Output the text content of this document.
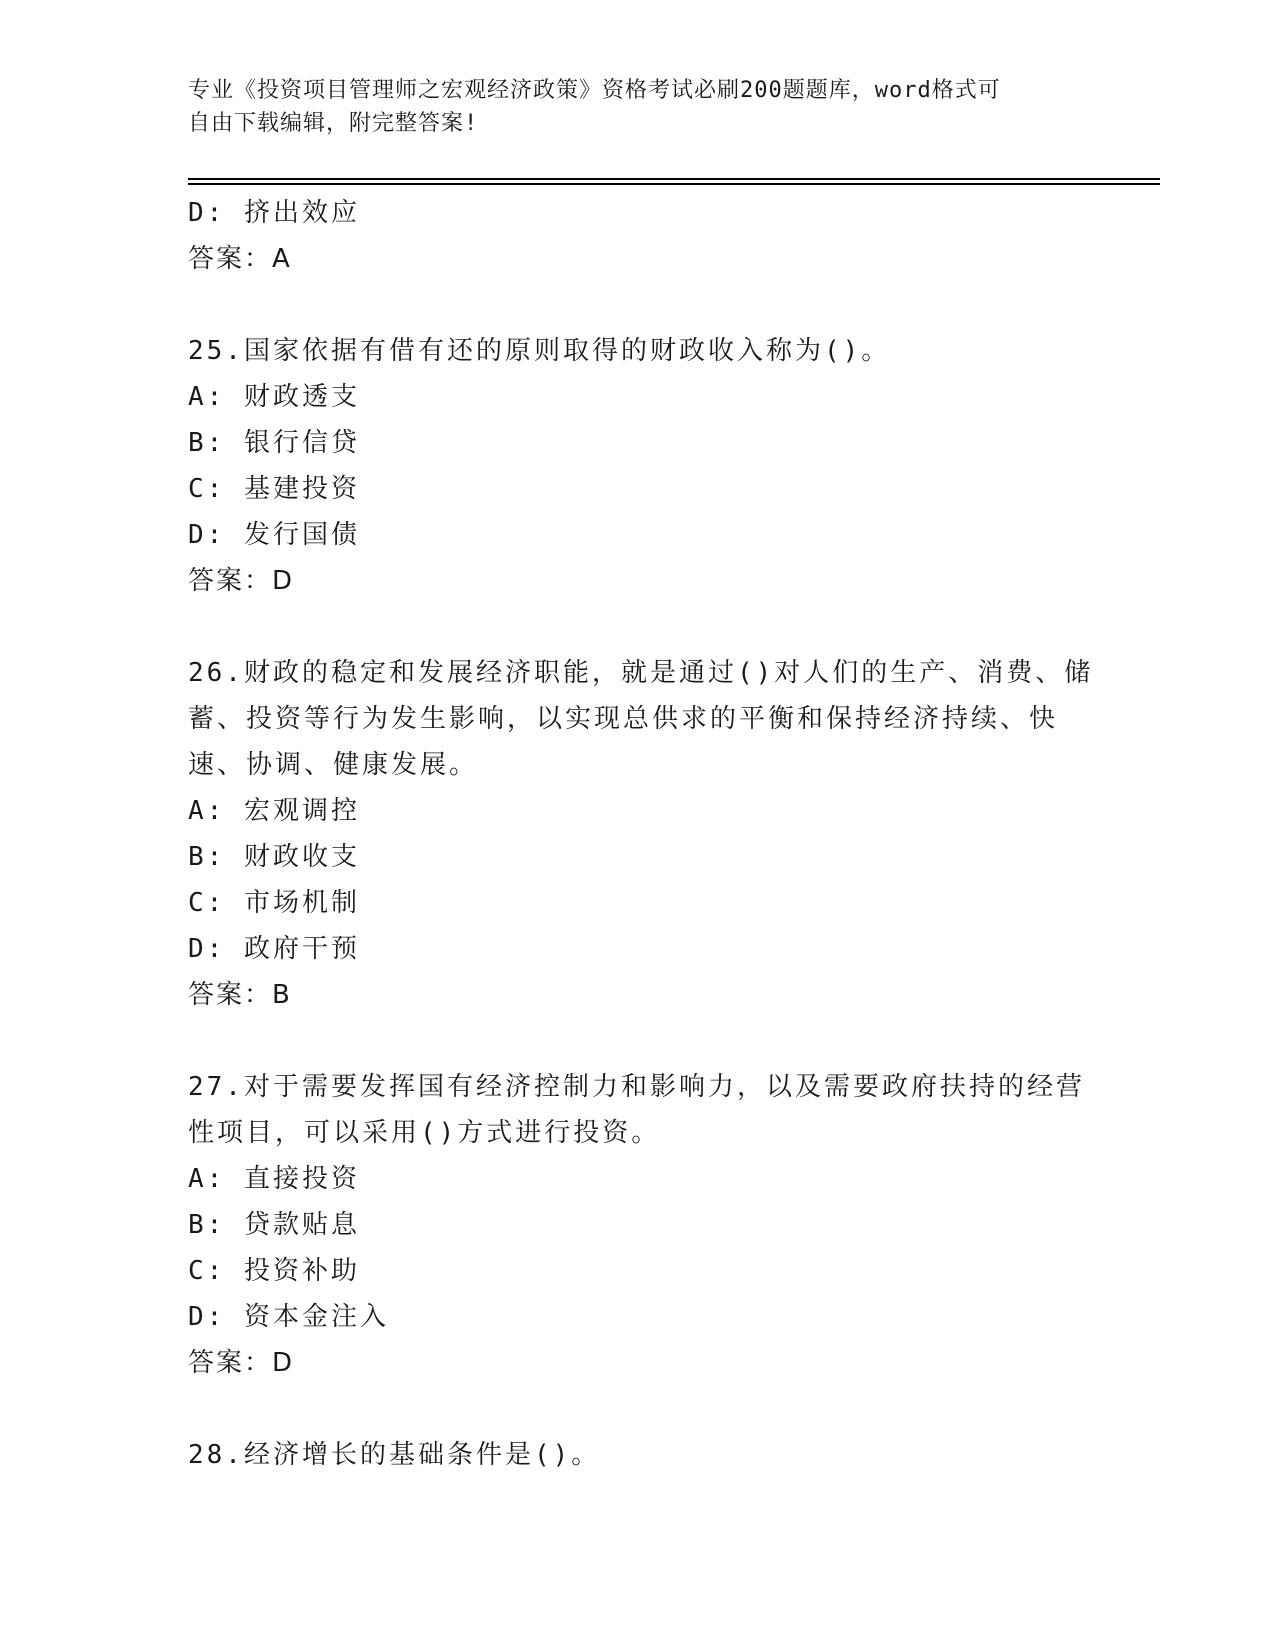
专业《投资项目管理师之宏观经济政策》资格考试必刷200题题库，word格式可
自由下载编辑，附完整答案!
D: 挤出效应
答案：A
25.国家依据有借有还的原则取得的财政收入称为()。
A: 财政透支
B: 银行信贷
C: 基建投资
D: 发行国债
答案：D
26.财政的稳定和发展经济职能，就是通过()对人们的生产、消费、储
蓄、投资等行为发生影响，以实现总供求的平衡和保持经济持续、快
速、协调、健康发展。
A: 宏观调控
B: 财政收支
C: 市场机制
D: 政府干预
答案：B
27.对于需要发挥国有经济控制力和影响力，以及需要政府扶持的经营
性项目，可以采用()方式进行投资。
A: 直接投资
B: 贷款贴息
C: 投资补助
D: 资本金注入
答案：D
28.经济增长的基础条件是()。
